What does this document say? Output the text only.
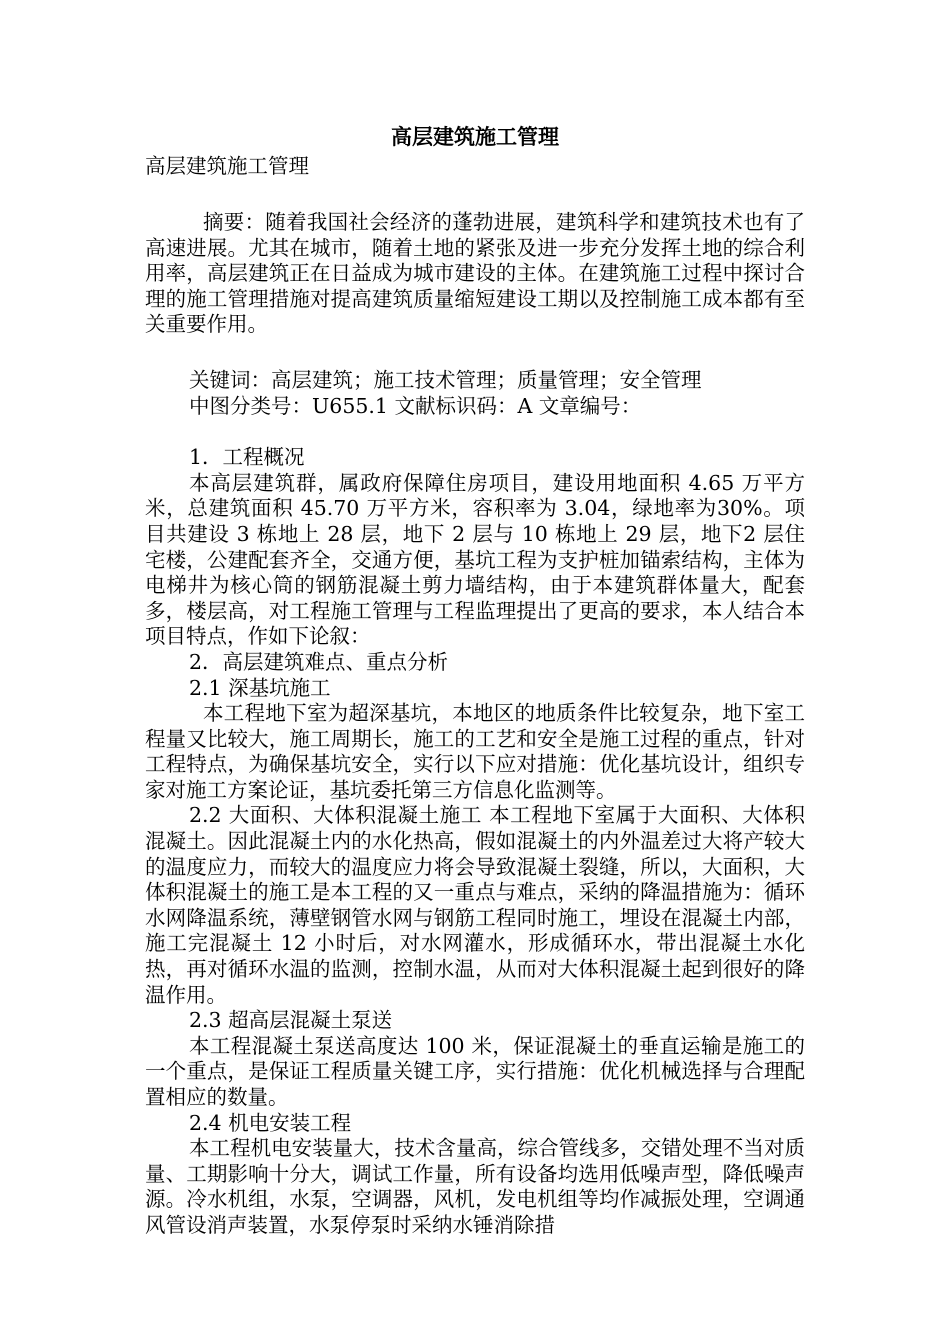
高层建筑施工管理

高层建筑施工管理

摘要：随着我国社会经济的蓬勃进展，建筑科学和建筑技术也有了高速进展。尤其在城市，随着土地的紧张及进一步充分发挥土地的综合利用率，高层建筑正在日益成为城市建设的主体。在建筑施工过程中探讨合理的施工管理措施对提高建筑质量缩短建设工期以及控制施工成本都有至关重要作用。

关键词：高层建筑；施工技术管理；质量管理；安全管理

中图分类号：U655.1 文献标识码：A 文章编号：

1．工程概况

本高层建筑群，属政府保障住房项目，建设用地面积 4.65 万平方米，总建筑面积 45.70 万平方米，容积率为 3.04，绿地率为30%。项目共建设 3 栋地上 28 层，地下 2 层与 10 栋地上 29 层，地下2 层住宅楼，公建配套齐全，交通方便，基坑工程为支护桩加锚索结构，主体为电梯井为核心筒的钢筋混凝土剪力墙结构，由于本建筑群体量大，配套多，楼层高，对工程施工管理与工程监理提出了更高的要求，本人结合本项目特点，作如下论叙：

2．高层建筑难点、重点分析

2.1 深基坑施工

本工程地下室为超深基坑，本地区的地质条件比较复杂，地下室工程量又比较大，施工周期长，施工的工艺和安全是施工过程的重点，针对工程特点，为确保基坑安全，实行以下应对措施：优化基坑设计，组织专家对施工方案论证，基坑委托第三方信息化监测等。

2.2 大面积、大体积混凝土施工 本工程地下室属于大面积、大体积混凝土。因此混凝土内的水化热高，假如混凝土的内外温差过大将产较大的温度应力，而较大的温度应力将会导致混凝土裂缝，所以，大面积，大体积混凝土的施工是本工程的又一重点与难点，采纳的降温措施为：循环水网降温系统，薄壁钢管水网与钢筋工程同时施工，埋设在混凝土内部，施工完混凝土 12 小时后，对水网灌水，形成循环水，带出混凝土水化热，再对循环水温的监测，控制水温，从而对大体积混凝土起到很好的降温作用。

2.3 超高层混凝土泵送

本工程混凝土泵送高度达 100 米，保证混凝土的垂直运输是施工的一个重点，是保证工程质量关键工序，实行措施：优化机械选择与合理配置相应的数量。

2.4 机电安装工程

本工程机电安装量大，技术含量高，综合管线多，交错处理不当对质量、工期影响十分大，调试工作量，所有设备均选用低噪声型，降低噪声源。冷水机组，水泵，空调器，风机，发电机组等均作减振处理，空调通风管设消声装置，水泵停泵时采纳水锤消除措
